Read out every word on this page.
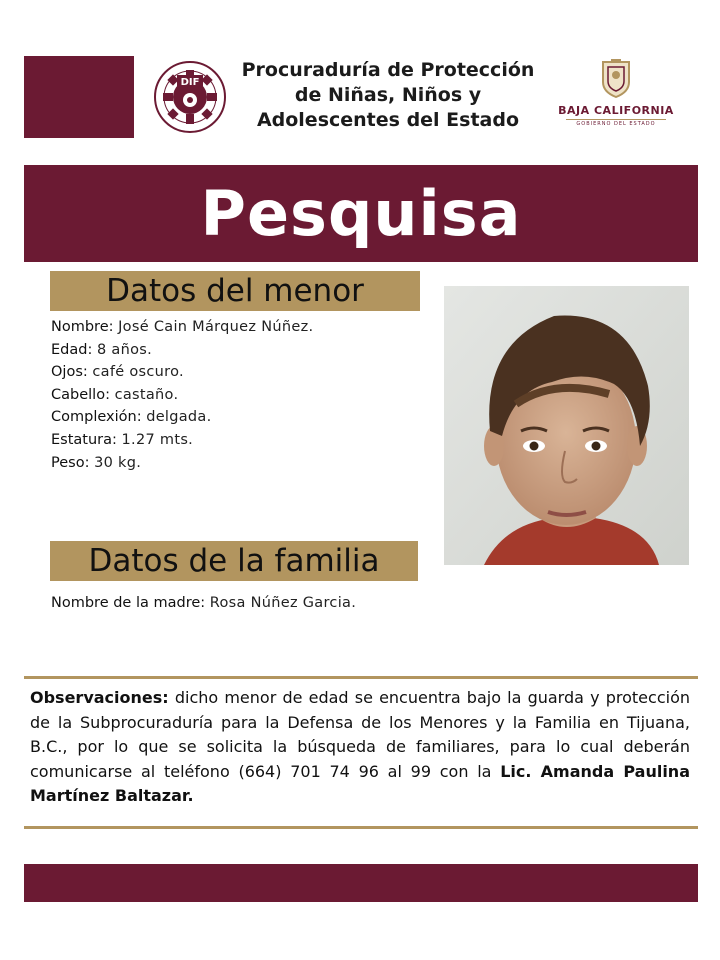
DIF
Procuraduría de Protección
de Niñas, Niños y
Adolescentes del Estado	BAJA CALIFORNIA
GOBIERNO DEL ESTADO
Pesquisa
Datos del menor
Nombre: José Cain Márquez Núñez.
Edad: 8 años.
Ojos: café oscuro.
Cabello: castaño.
Complexión: delgada.
Estatura: 1.27 mts.
Peso: 30 kg.
Datos de la familia
Nombre de la madre: Rosa Núñez Garcia.
Observaciones: dicho menor de edad se encuentra bajo la guarda y protección de la Subprocuraduría para la Defensa de los Menores y la Familia en Tijuana, B.C., por lo que se solicita la búsqueda de familiares, para lo cual deberán comunicarse al teléfono (664) 701 74 96 al 99 con la Lic. Amanda Paulina Martínez Baltazar.
